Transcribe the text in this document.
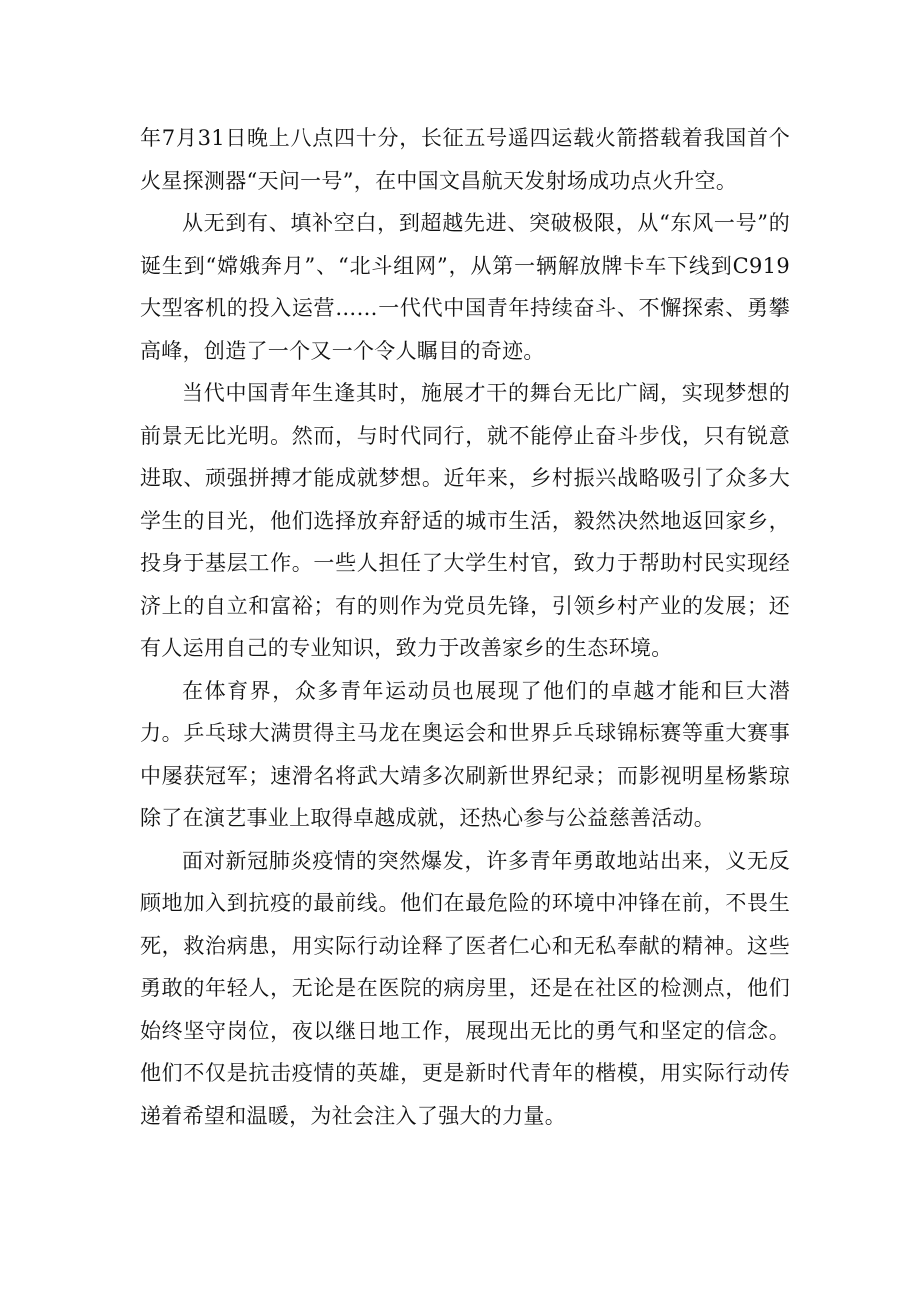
年7月31日晚上八点四十分，长征五号遥四运载火箭搭载着我国首个火星探测器“天问一号”，在中国文昌航天发射场成功点火升空。

从无到有、填补空白，到超越先进、突破极限，从“东风一号”的诞生到“嫦娥奔月”、“北斗组网”，从第一辆解放牌卡车下线到C919大型客机的投入运营……一代代中国青年持续奋斗、不懈探索、勇攀高峰，创造了一个又一个令人瞩目的奇迹。

当代中国青年生逢其时，施展才干的舞台无比广阔，实现梦想的前景无比光明。然而，与时代同行，就不能停止奋斗步伐，只有锐意进取、顽强拼搏才能成就梦想。近年来，乡村振兴战略吸引了众多大学生的目光，他们选择放弃舒适的城市生活，毅然决然地返回家乡，投身于基层工作。一些人担任了大学生村官，致力于帮助村民实现经济上的自立和富裕；有的则作为党员先锋，引领乡村产业的发展；还有人运用自己的专业知识，致力于改善家乡的生态环境。

在体育界，众多青年运动员也展现了他们的卓越才能和巨大潜力。乒乓球大满贯得主马龙在奥运会和世界乒乓球锦标赛等重大赛事中屡获冠军；速滑名将武大靖多次刷新世界纪录；而影视明星杨紫琼除了在演艺事业上取得卓越成就，还热心参与公益慈善活动。

面对新冠肺炎疫情的突然爆发，许多青年勇敢地站出来，义无反顾地加入到抗疫的最前线。他们在最危险的环境中冲锋在前，不畏生死，救治病患，用实际行动诠释了医者仁心和无私奉献的精神。这些勇敢的年轻人，无论是在医院的病房里，还是在社区的检测点，他们始终坚守岗位，夜以继日地工作，展现出无比的勇气和坚定的信念。他们不仅是抗击疫情的英雄，更是新时代青年的楷模，用实际行动传递着希望和温暖，为社会注入了强大的力量。
